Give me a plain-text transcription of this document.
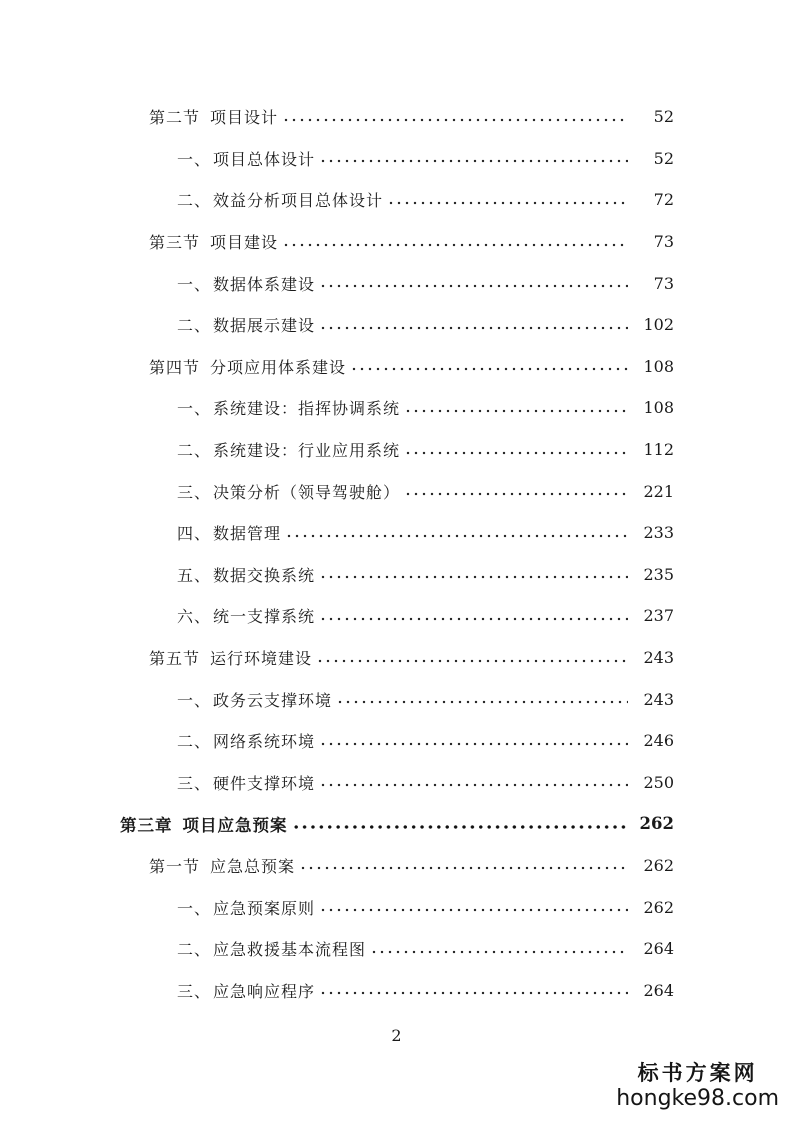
第二节 项目设计	52
一、 项目总体设计	52
二、 效益分析项目总体设计	72
第三节 项目建设	73
一、 数据体系建设	73
二、 数据展示建设	102
第四节 分项应用体系建设	108
一、 系统建设：指挥协调系统	108
二、 系统建设：行业应用系统	112
三、 决策分析（领导驾驶舱）	221
四、 数据管理	233
五、 数据交换系统	235
六、 统一支撑系统	237
第五节 运行环境建设	243
一、 政务云支撑环境	243
二、 网络系统环境	246
三、 硬件支撑环境	250
第三章 项目应急预案	262
第一节 应急总预案	262
一、 应急预案原则	262
二、 应急救援基本流程图	264
三、 应急响应程序	264
2
标书方案网
hongke98.com
